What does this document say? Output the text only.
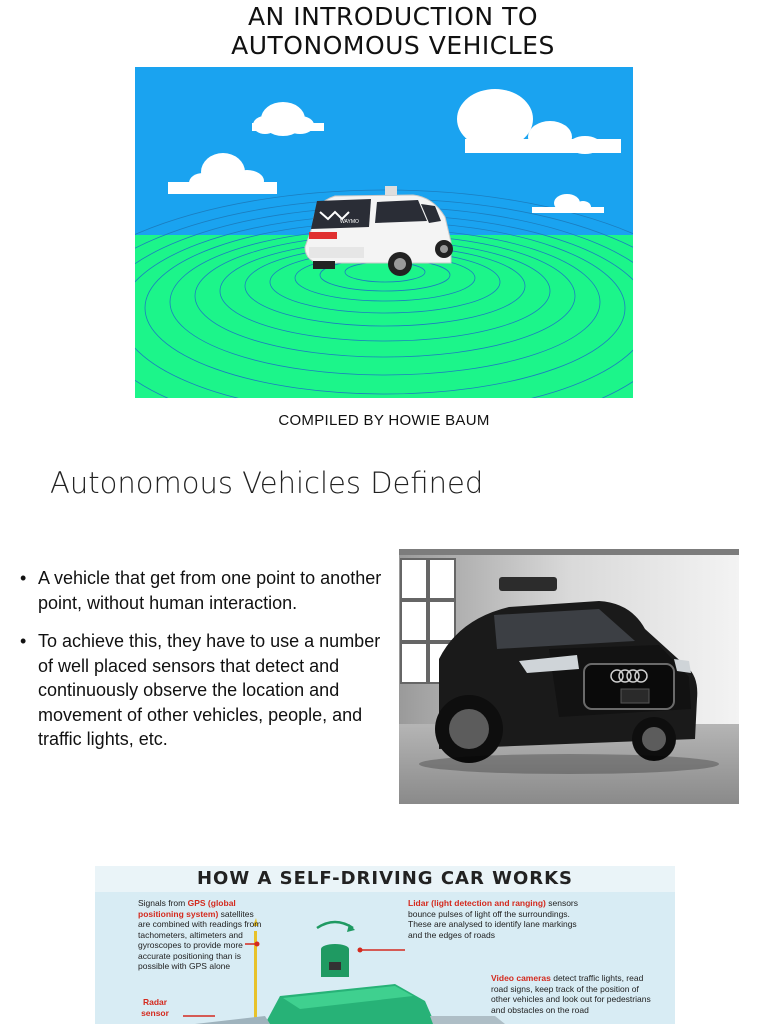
AN INTRODUCTION TO
AUTONOMOUS VEHICLES
WAYMO
COMPILED BY HOWIE BAUM
Autonomous Vehicles Defined
• A vehicle that get from one point to another point, without human interaction.
• To achieve this, they have to use a number of well placed sensors that detect and continuously observe the location and movement of other vehicles, people, and traffic lights, etc.
HOW A SELF-DRIVING CAR WORKS
Signals from GPS (global positioning system) satellites are combined with readings from tachometers, altimeters and gyroscopes to provide more accurate positioning than is possible with GPS alone
Lidar (light detection and ranging) sensors bounce pulses of light off the surroundings. These are analysed to identify lane markings and the edges of roads
Video cameras detect traffic lights, read road signs, keep track of the position of other vehicles and look out for pedestrians and obstacles on the road
Radar sensor
